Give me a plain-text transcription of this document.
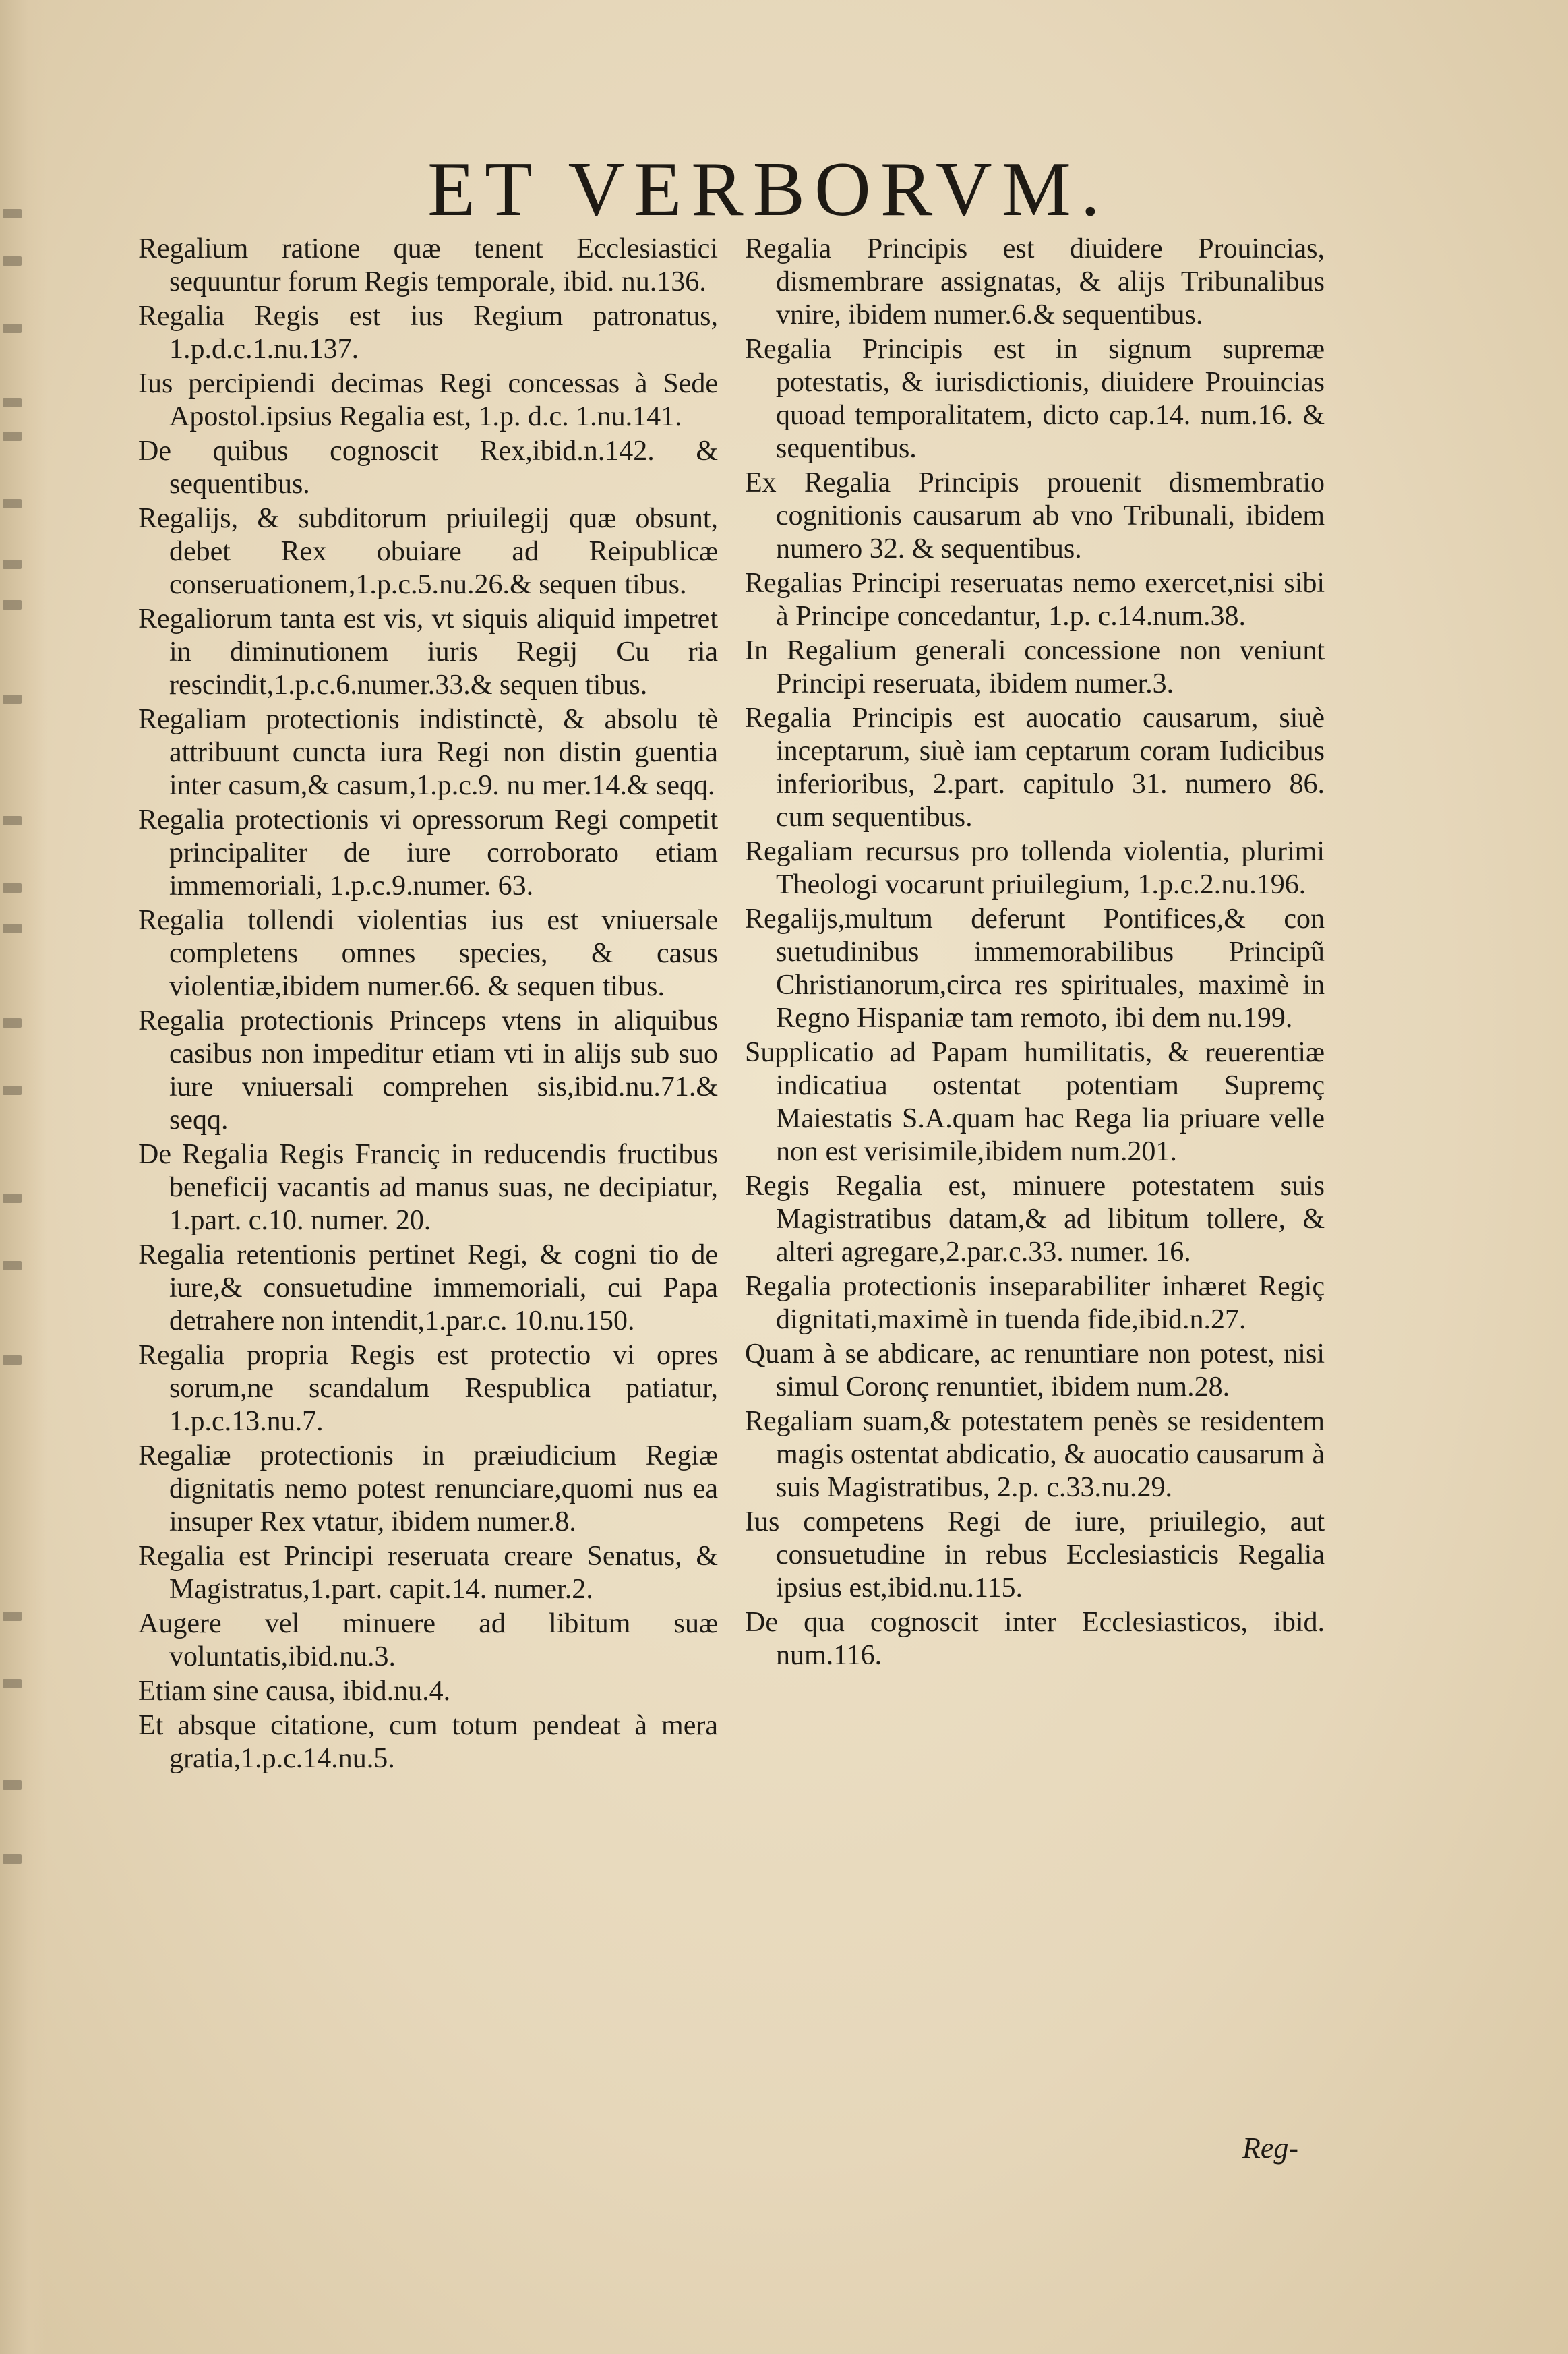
ET VERBORVM.

Regalium ratione quæ tenent Ecclesiastici sequuntur forum Regis temporale, ibid. nu.136.

Regalia Regis est ius Regium patronatus, 1.p.d.c.1.nu.137.

Ius percipiendi decimas Regi concessas à Sede Apostol.ipsius Regalia est, 1.p. d.c. 1.nu.141.

De quibus cognoscit Rex,ibid.n.142. & sequentibus.

Regalijs, & subditorum priuilegij quæ obsunt, debet Rex obuiare ad Reipublicæ conseruationem,1.p.c.5.nu.26.& sequen tibus.

Regaliorum tanta est vis, vt siquis aliquid impetret in diminutionem iuris Regij Cu ria rescindit,1.p.c.6.numer.33.& sequen tibus.

Regaliam protectionis indistinctè, & absolu tè attribuunt cuncta iura Regi non distin guentia inter casum,& casum,1.p.c.9. nu mer.14.& seqq.

Regalia protectionis vi opressorum Regi competit principaliter de iure corroborato etiam immemoriali, 1.p.c.9.numer. 63.

Regalia tollendi violentias ius est vniuersale completens omnes species, & casus violentiæ,ibidem numer.66. & sequen tibus.

Regalia protectionis Princeps vtens in aliquibus casibus non impeditur etiam vti in alijs sub suo iure vniuersali comprehen sis,ibid.nu.71.& seqq.

De Regalia Regis Franciç in reducendis fructibus beneficij vacantis ad manus suas, ne decipiatur, 1.part. c.10. numer. 20.

Regalia retentionis pertinet Regi, & cogni tio de iure,& consuetudine immemoriali, cui Papa detrahere non intendit,1.par.c. 10.nu.150.

Regalia propria Regis est protectio vi opres sorum,ne scandalum Respublica patiatur, 1.p.c.13.nu.7.

Regaliæ protectionis in præiudicium Regiæ dignitatis nemo potest renunciare,quomi nus ea insuper Rex vtatur, ibidem numer.8.

Regalia est Principi reseruata creare Senatus, & Magistratus,1.part. capit.14. numer.2.

Augere vel minuere ad libitum suæ voluntatis,ibid.nu.3.

Etiam sine causa, ibid.nu.4.

Et absque citatione, cum totum pendeat à mera gratia,1.p.c.14.nu.5.

Regalia Principis est diuidere Prouincias, dismembrare assignatas, & alijs Tribunalibus vnire, ibidem numer.6.& sequentibus.

Regalia Principis est in signum supremæ potestatis, & iurisdictionis, diuidere Prouincias quoad temporalitatem, dicto cap.14. num.16. & sequentibus.

Ex Regalia Principis prouenit dismembratio cognitionis causarum ab vno Tribunali, ibidem numero 32. & sequentibus.

Regalias Principi reseruatas nemo exercet,nisi sibi à Principe concedantur, 1.p. c.14.num.38.

In Regalium generali concessione non veniunt Principi reseruata, ibidem numer.3.

Regalia Principis est auocatio causarum, siuè inceptarum, siuè iam ceptarum coram Iudicibus inferioribus, 2.part. capitulo 31. numero 86. cum sequentibus.

Regaliam recursus pro tollenda violentia, plurimi Theologi vocarunt priuilegium, 1.p.c.2.nu.196.

Regalijs,multum deferunt Pontifices,& con suetudinibus immemorabilibus Principũ Christianorum,circa res spirituales, maximè in Regno Hispaniæ tam remoto, ibi dem nu.199.

Supplicatio ad Papam humilitatis, & reuerentiæ indicatiua ostentat potentiam Supremç Maiestatis S.A.quam hac Rega lia priuare velle non est verisimile,ibidem num.201.

Regis Regalia est, minuere potestatem suis Magistratibus datam,& ad libitum tollere, & alteri agregare,2.par.c.33. numer. 16.

Regalia protectionis inseparabiliter inhæret Regiç dignitati,maximè in tuenda fide,ibid.n.27.

Quam à se abdicare, ac renuntiare non potest, nisi simul Coronç renuntiet, ibidem num.28.

Regaliam suam,& potestatem penès se residentem magis ostentat abdicatio, & auocatio causarum à suis Magistratibus, 2.p. c.33.nu.29.

Ius competens Regi de iure, priuilegio, aut consuetudine in rebus Ecclesiasticis Regalia ipsius est,ibid.nu.115.

De qua cognoscit inter Ecclesiasticos, ibid. num.116.

Reg-
